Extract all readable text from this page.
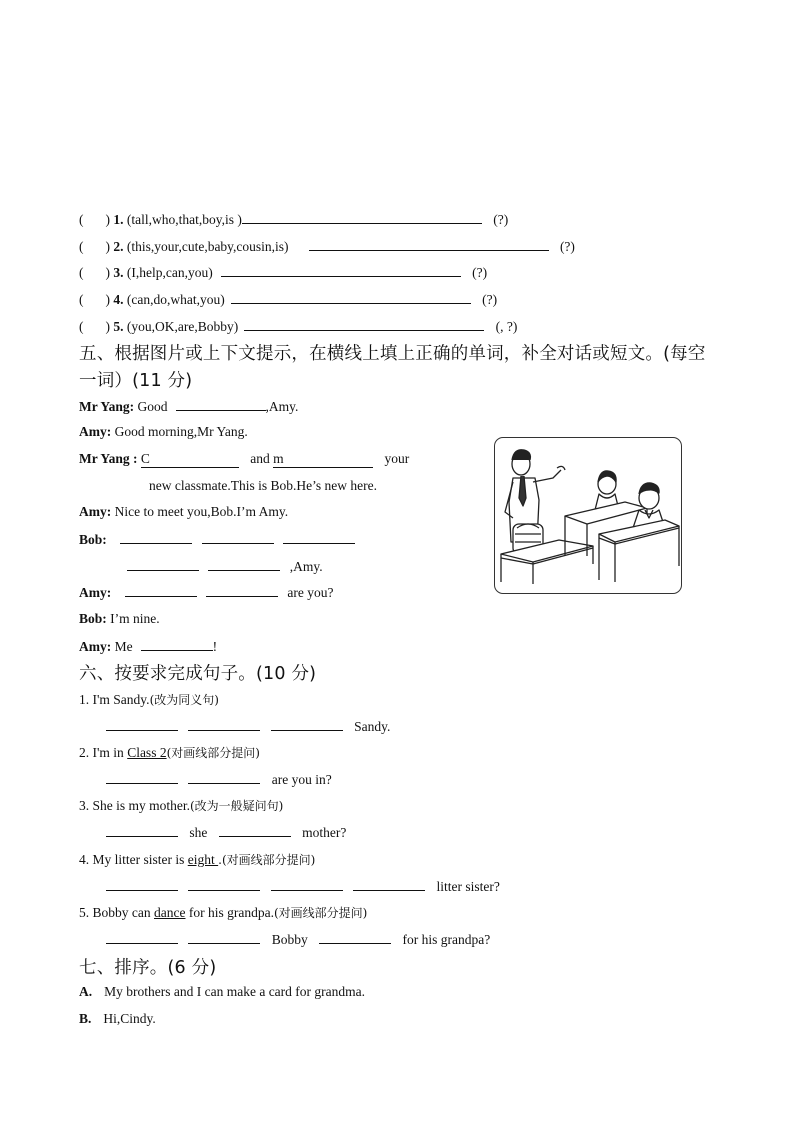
( ) 1. (tall,who,that,boy,is )	(?)
( ) 2. (this,your,cute,baby,cousin,is)	(?)
( ) 3. (I,help,can,you)	(?)
( ) 4. (can,do,what,you)	(?)
( ) 5. (you,OK,are,Bobby)	(, ?)
五、根据图片或上下文提示，在横线上填上正确的单词，补全对话或短文。(每空
一词）(11 分)
Mr Yang: Good	,Amy.
Amy: Good morning,Mr Yang.
Mr Yang : C	and m	your
new classmate.This is Bob.He’s new here.
Amy: Nice to meet you,Bob.I’m Amy.
Bob:
,Amy.
Amy:	are you?
Bob: I’m nine.
Amy: Me	!
六、按要求完成句子。(10 分)
1. I'm Sandy.(改为同义句)
Sandy.
2. I'm in Class 2(对画线部分提问)
are you in?
3. She is my mother.(改为一般疑问句)
she	mother?
4. My litter sister is eight .(对画线部分提问)
litter sister?
5. Bobby can dance for his grandpa.(对画线部分提问)
Bobby	for his grandpa?
七、排序。(6 分)
A. My brothers and I can make a card for grandma.
B. Hi,Cindy.
